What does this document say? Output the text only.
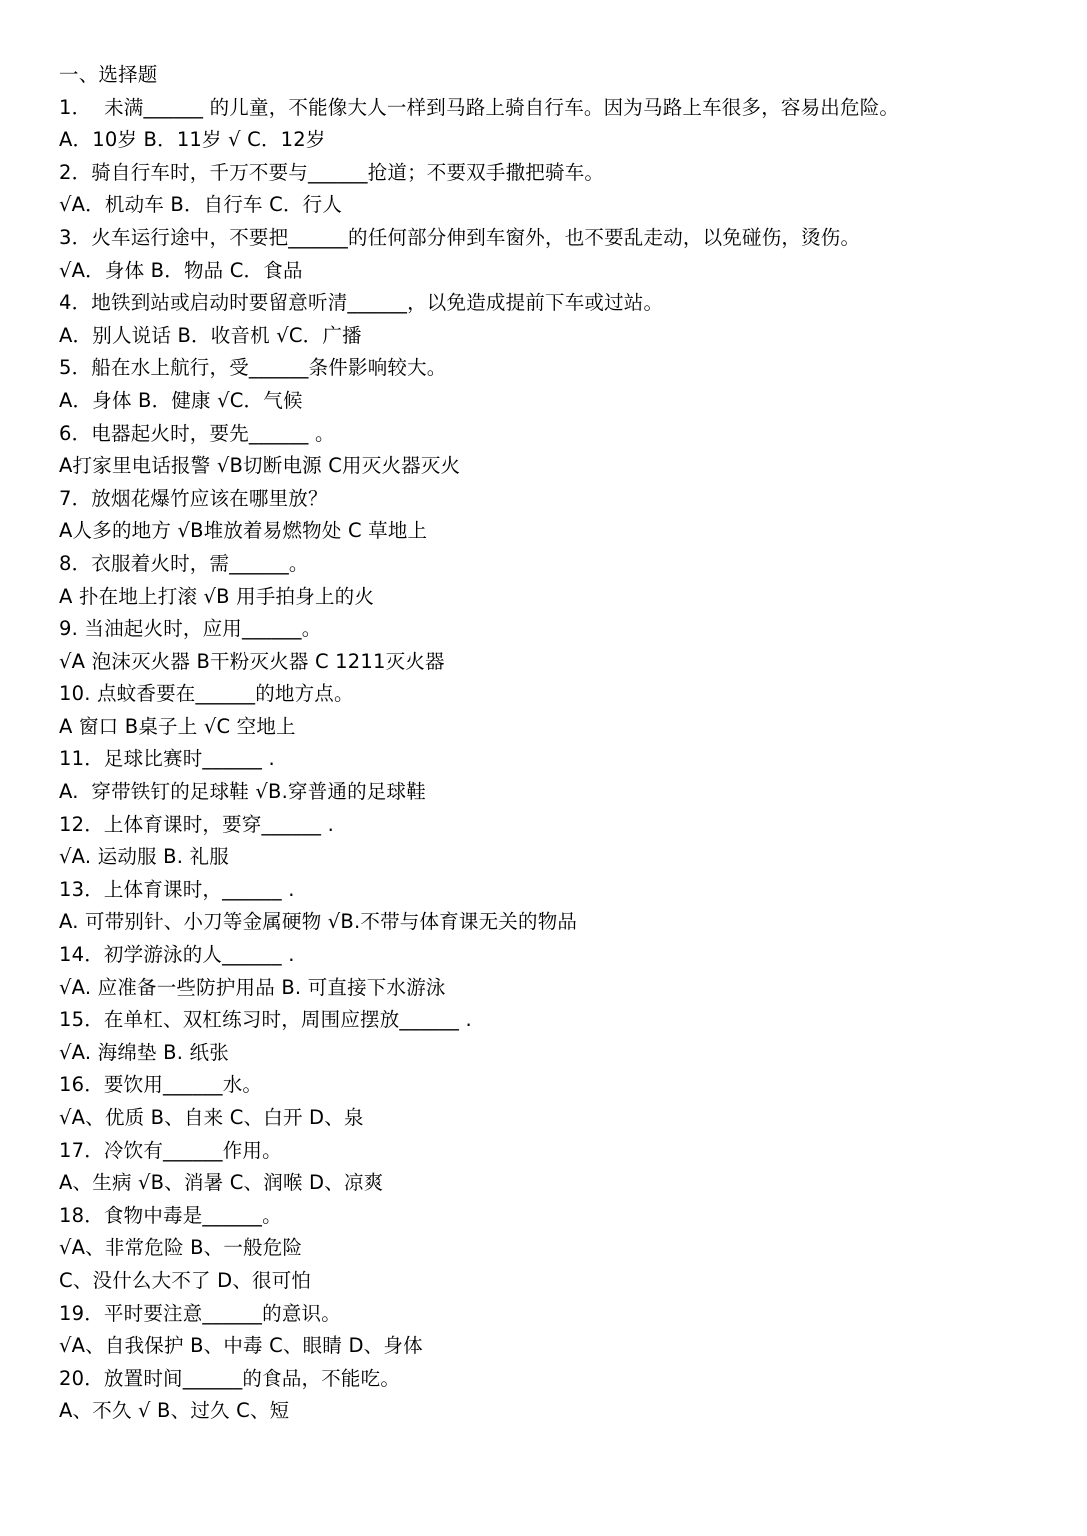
一、选择题
1．  未满______ 的儿童，不能像大人一样到马路上骑自行车。因为马路上车很多，容易出危险。
A．10岁 B．11岁 √ C．12岁
2．骑自行车时，千万不要与______抢道；不要双手撒把骑车。
√A．机动车 B．自行车 C．行人
3．火车运行途中，不要把______的任何部分伸到车窗外，也不要乱走动，以免碰伤，烫伤。
√A．身体 B．物品 C．食品
4．地铁到站或启动时要留意听清______，以免造成提前下车或过站。
A．别人说话 B．收音机 √C．广播
5．船在水上航行，受______条件影响较大。
A．身体 B．健康 √C．气候
6．电器起火时，要先______ 。
A打家里电话报警 √B切断电源 C用灭火器灭火
7．放烟花爆竹应该在哪里放？
A人多的地方 √B堆放着易燃物处 C 草地上
8．衣服着火时，需______。
A 扑在地上打滚 √B 用手拍身上的火
9. 当油起火时，应用______。
√A 泡沫灭火器 B干粉灭火器 C 1211灭火器
10. 点蚊香要在______的地方点。
A 窗口 B桌子上 √C 空地上
11．足球比赛时______ .
A.  穿带铁钉的足球鞋 √B.穿普通的足球鞋
12．上体育课时，要穿______ .
√A. 运动服 B. 礼服
13．上体育课时，______ .
A. 可带别针、小刀等金属硬物 √B.不带与体育课无关的物品
14．初学游泳的人______ .
√A. 应准备一些防护用品 B. 可直接下水游泳
15．在单杠、双杠练习时，周围应摆放______ .
√A. 海绵垫 B. 纸张
16．要饮用______水。
√A、优质 B、自来 C、白开 D、泉
17．冷饮有______作用。
A、生病 √B、消暑 C、润喉 D、凉爽
18．食物中毒是______。
√A、非常危险 B、一般危险
C、没什么大不了 D、很可怕
19．平时要注意______的意识。
√A、自我保护 B、中毒 C、眼睛 D、身体
20．放置时间______的食品，不能吃。
A、不久 √ B、过久 C、短
